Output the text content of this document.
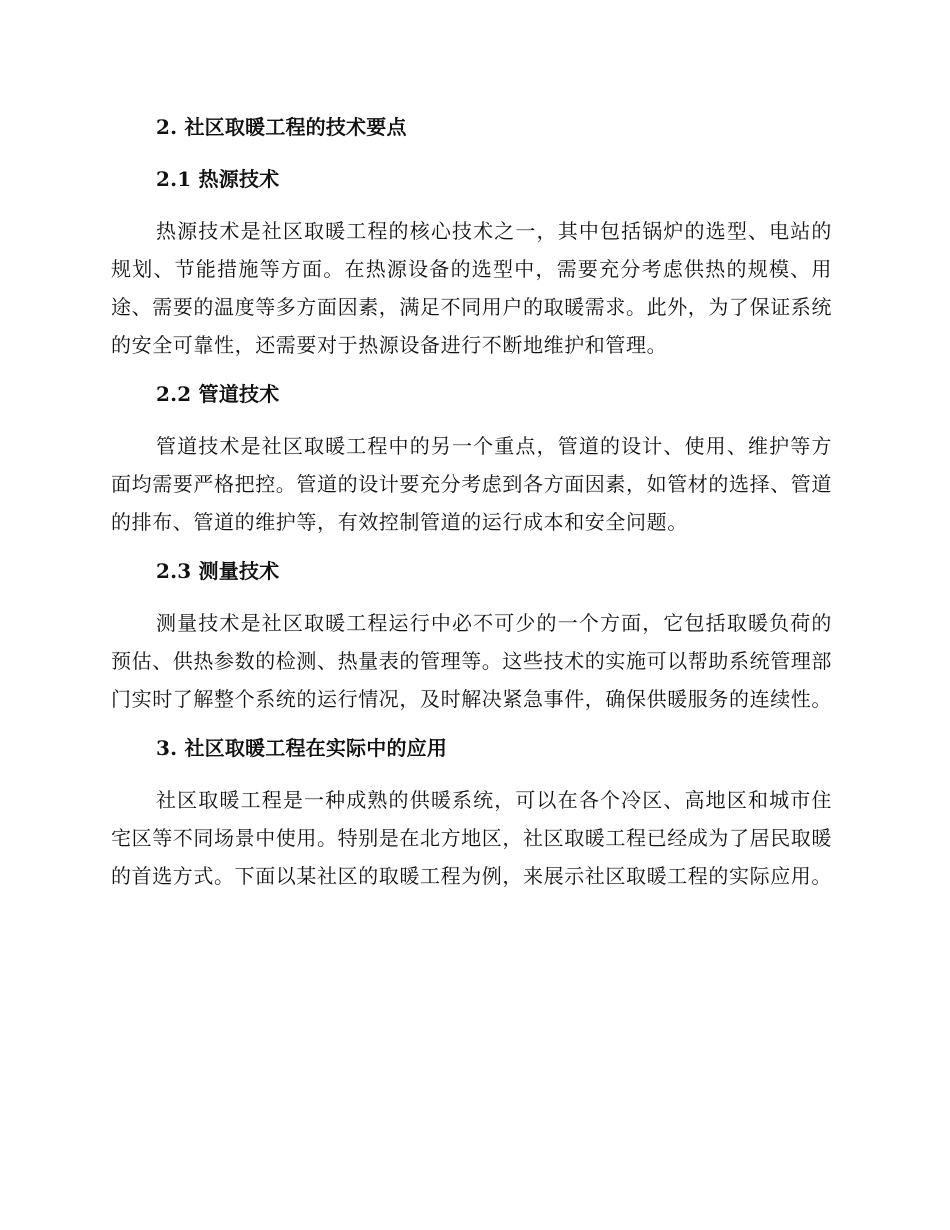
2. 社区取暖工程的技术要点
2.1 热源技术

热源技术是社区取暖工程的核心技术之一，其中包括锅炉的选型、电站的规划、节能措施等方面。在热源设备的选型中，需要充分考虑供热的规模、用途、需要的温度等多方面因素，满足不同用户的取暖需求。此外，为了保证系统的安全可靠性，还需要对于热源设备进行不断地维护和管理。

2.2 管道技术

管道技术是社区取暖工程中的另一个重点，管道的设计、使用、维护等方面均需要严格把控。管道的设计要充分考虑到各方面因素，如管材的选择、管道的排布、管道的维护等，有效控制管道的运行成本和安全问题。

2.3 测量技术

测量技术是社区取暖工程运行中必不可少的一个方面，它包括取暖负荷的预估、供热参数的检测、热量表的管理等。这些技术的实施可以帮助系统管理部门实时了解整个系统的运行情况，及时解决紧急事件，确保供暖服务的连续性。

3. 社区取暖工程在实际中的应用

社区取暖工程是一种成熟的供暖系统，可以在各个冷区、高地区和城市住宅区等不同场景中使用。特别是在北方地区，社区取暖工程已经成为了居民取暖的首选方式。下面以某社区的取暖工程为例，来展示社区取暖工程的实际应用。
